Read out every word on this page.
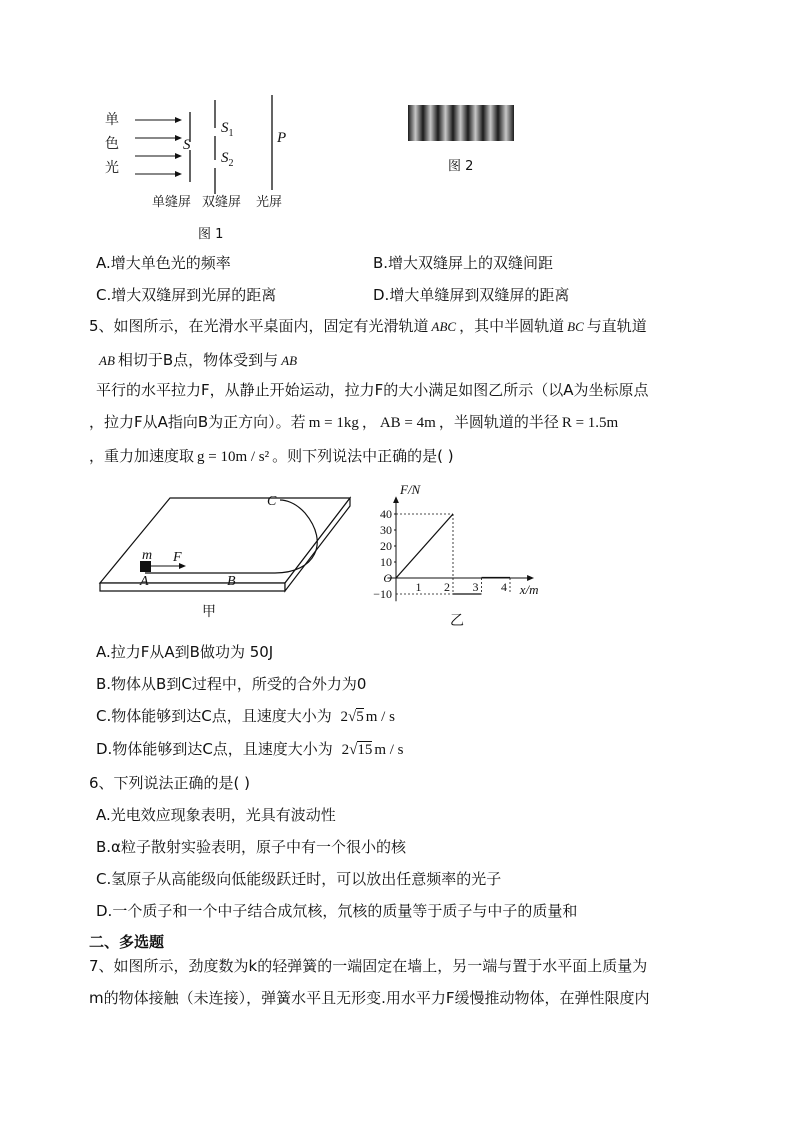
单
色
光
S
$S_1$
$S_2$
P
单缝屏 双缝屏 光屏
图 1
图 2
A.增大单色光的频率	B.增大双缝屏上的双缝间距
C.增大双缝屏到光屏的距离	D.增大单缝屏到双缝屏的距离
5、如图所示，在光滑水平桌面内，固定有光滑轨道 ABC ，其中半圆轨道 BC 与直轨道
AB 相切于B点，物体受到与 AB
平行的水平拉力F，从静止开始运动，拉力F的大小满足如图乙所示（以A为坐标原点
，拉力F从A指向B为正方向）。若 m = 1kg ， AB = 4m ，半圆轨道的半径 R = 1.5m
，重力加速度取 g = 10m / s² 。则下列说法中正确的是( )
C
m F
A	B
甲
40
30
20
10
−10 1 2 3 4
O
F/N
x/m
乙
A.拉力F从A到B做功为 50J
B.物体从B到C过程中，所受的合外力为0
C.物体能够到达C点，且速度大小为 2√5 m / s
D.物体能够到达C点，且速度大小为 2√15 m / s
6、下列说法正确的是( )
A.光电效应现象表明，光具有波动性
B.α粒子散射实验表明，原子中有一个很小的核
C.氢原子从高能级向低能级跃迁时，可以放出任意频率的光子
D.一个质子和一个中子结合成氘核，氘核的质量等于质子与中子的质量和
二、多选题
7、如图所示，劲度数为k的轻弹簧的一端固定在墙上，另一端与置于水平面上质量为
m的物体接触（未连接），弹簧水平且无形变.用水平力F缓慢推动物体，在弹性限度内
